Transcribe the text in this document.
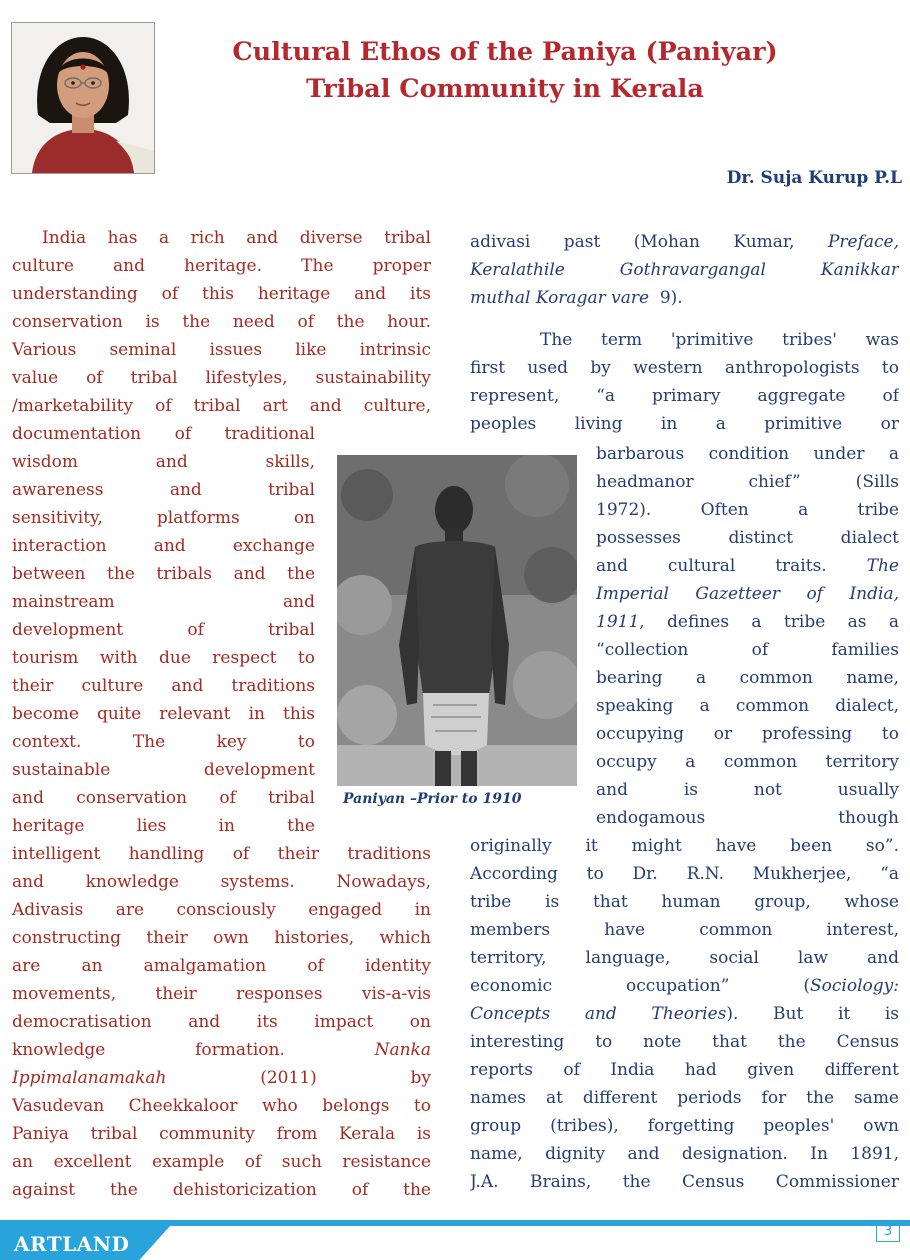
Cultural Ethos of the Paniya (Paniyar)
Tribal Community in Kerala
Dr. Suja Kurup P.L
India has a rich and diverse tribal
culture and heritage. The proper
understanding of this heritage and its
conservation is the need of the hour.
Various seminal issues like intrinsic
value of tribal lifestyles, sustainability
/marketability of tribal art and culture,
documentation of traditional
wisdom and skills,
awareness and tribal
sensitivity, platforms on
interaction and exchange
between the tribals and the
mainstream and
development of tribal
tourism with due respect to
their culture and traditions
become quite relevant in this
context. The key to
sustainable development
and conservation of tribal
heritage lies in the
intelligent handling of their traditions
and knowledge systems. Nowadays,
Adivasis are consciously engaged in
constructing their own histories, which
are an amalgamation of identity
movements, their responses vis-a-vis
democratisation and its impact on
knowledge formation.	Nanka
Ippimalanamakah	(2011) by
Vasudevan Cheekkaloor who belongs to
Paniya tribal community from Kerala is
an excellent example of such resistance
against the dehistoricization of the
adivasi past (Mohan Kumar, Preface,
Keralathile Gothravargangal Kanikkar
muthal Koragar vare 9).
The term 'primitive tribes' was
first used by western anthropologists to
represent, “a primary aggregate of
peoples living in a primitive or
barbarous condition under a
headmanor chief” (Sills
1972). Often a tribe
possesses distinct dialect
and cultural traits. The
Imperial Gazetteer of India,
1911, defines a tribe as a
“collection of families
bearing a common name,
speaking a common dialect,
occupying or professing to
occupy a common territory
and is not usually
endogamous though
originally it might have been so”.
According to Dr. R.N. Mukherjee, “a
tribe is that human group, whose
members have common interest,
territory, language, social law and
economic occupation” (Sociology:
Concepts and Theories). But it is
interesting to note that the Census
reports of India had given different
names at different periods for the same
group (tribes), forgetting peoples' own
name, dignity and designation. In 1891,
J.A. Brains, the Census Commissioner
Paniyan –Prior to 1910
ARTLAND
3
